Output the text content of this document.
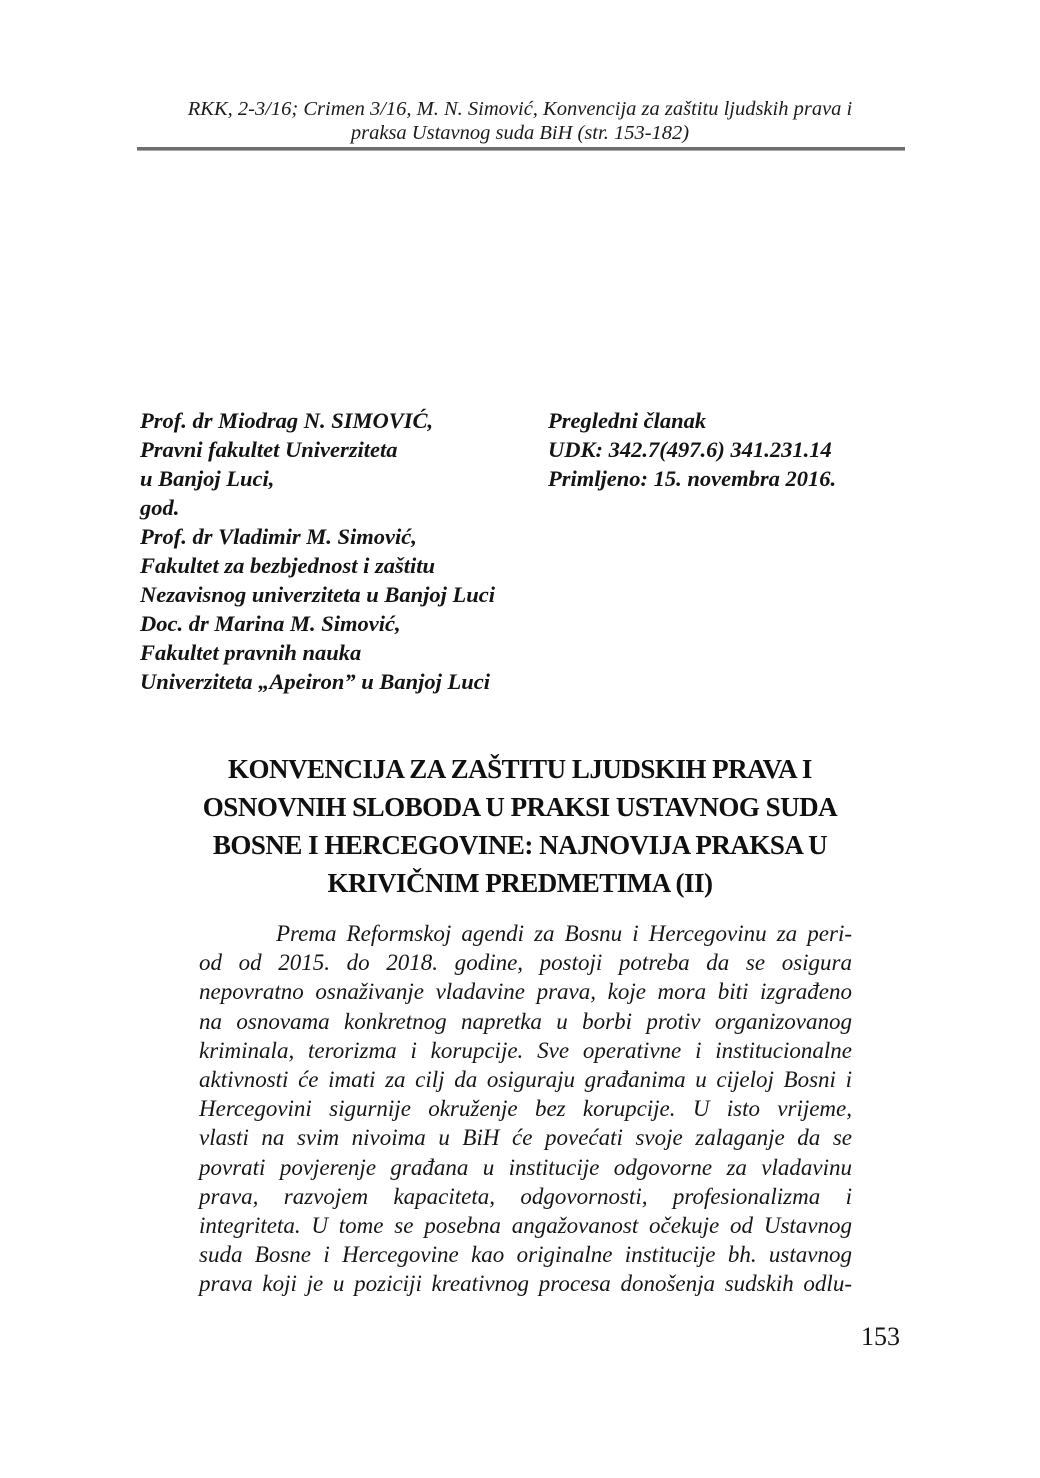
RKK, 2-3/16; Crimen 3/16, M. N. Simović, Konvencija za zaštitu ljudskih prava i
praksa Ustavnog suda BiH (str. 153-182)
Prof. dr Miodrag N. SIMOVIĆ,
Pravni fakultet Univerziteta
u Banjoj Luci,
god.
Prof. dr Vladimir M. Simović,
Fakultet za bezbjednost i zaštitu
Nezavisnog univerziteta u Banjoj Luci
Doc. dr Marina M. Simović,
Fakultet pravnih nauka
Univerziteta „Apeiron” u Banjoj Luci
Pregledni članak
UDK: 342.7(497.6) 341.231.14
Primljeno: 15. novembra 2016.
KONVENCIJA ZA ZAŠTITU LJUDSKIH PRAVA I
OSNOVNIH SLOBODA U PRAKSI USTAVNOG SUDA
BOSNE I HERCEGOVINE: NAJNOVIJA PRAKSA U
KRIVIČNIM PREDMETIMA (II)
Prema Reformskoj agendi za Bosnu i Hercegovinu za peri-
od od 2015. do 2018. godine, postoji potreba da se osigura
nepovratno osnaživanje vladavine prava, koje mora biti izgrađeno
na osnovama konkretnog napretka u borbi protiv organizovanog
kriminala, terorizma i korupcije. Sve operativne i institucionalne
aktivnosti će imati za cilj da osiguraju građanima u cijeloj Bosni i
Hercegovini sigurnije okruženje bez korupcije. U isto vrijeme,
vlasti na svim nivoima u BiH će povećati svoje zalaganje da se
povrati povjerenje građana u institucije odgovorne za vladavinu
prava, razvojem kapaciteta, odgovornosti, profesionalizma i
integriteta. U tome se posebna angažovanost očekuje od Ustavnog
suda Bosne i Hercegovine kao originalne institucije bh. ustavnog
prava koji je u poziciji kreativnog procesa donošenja sudskih odlu-
153
